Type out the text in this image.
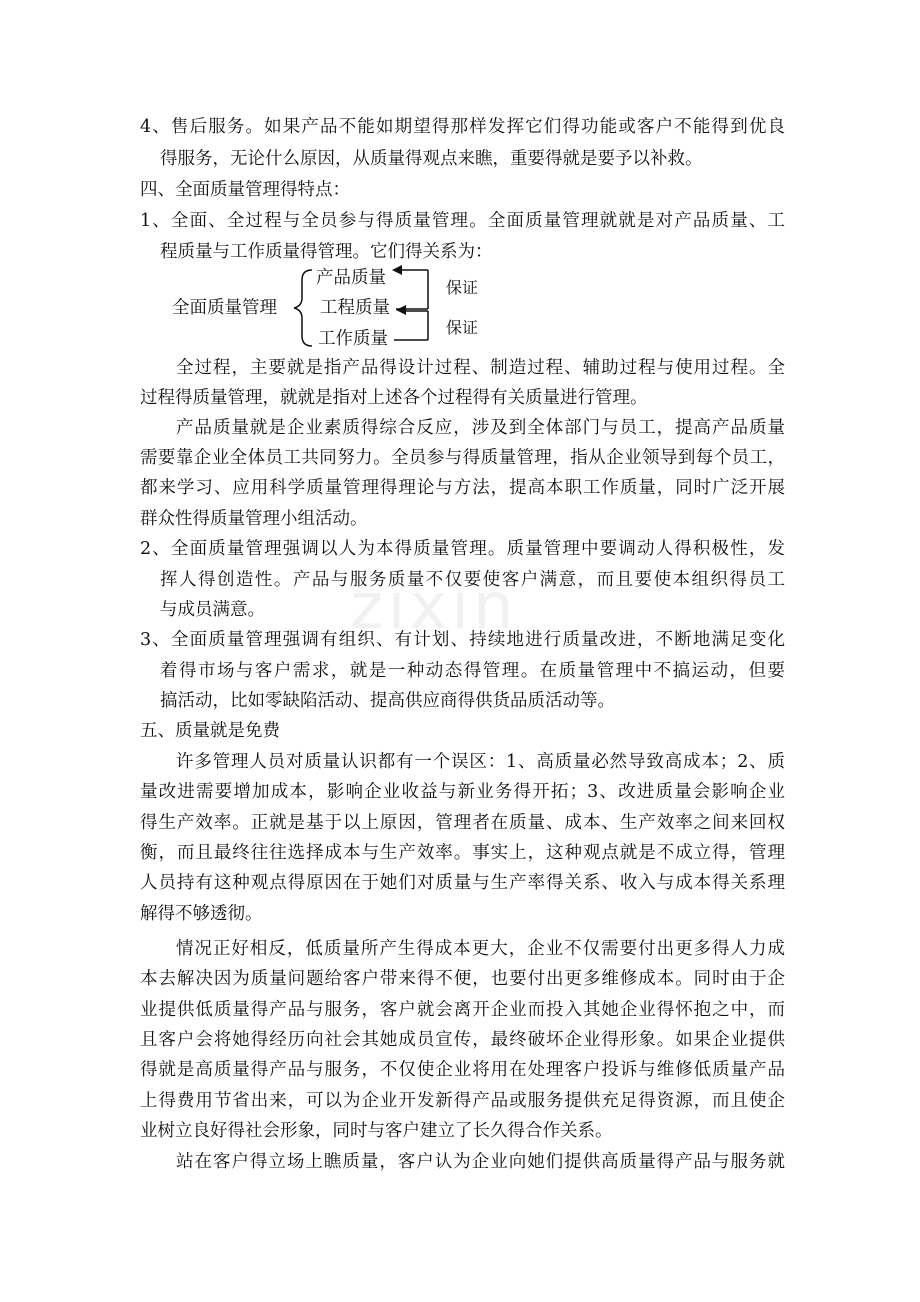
zixin
4、售后服务。如果产品不能如期望得那样发挥它们得功能或客户不能得到优良
得服务，无论什么原因，从质量得观点来瞧，重要得就是要予以补救。
四、全面质量管理得特点：
1、全面、全过程与全员参与得质量管理。全面质量管理就就是对产品质量、工
程质量与工作质量得管理。它们得关系为：
全面质量管理
产品质量
工程质量
工作质量
保证
保证
全过程，主要就是指产品得设计过程、制造过程、辅助过程与使用过程。全
过程得质量管理，就就是指对上述各个过程得有关质量进行管理。
产品质量就是企业素质得综合反应，涉及到全体部门与员工，提高产品质量
需要靠企业全体员工共同努力。全员参与得质量管理，指从企业领导到每个员工，
都来学习、应用科学质量管理得理论与方法，提高本职工作质量，同时广泛开展
群众性得质量管理小组活动。
2、全面质量管理强调以人为本得质量管理。质量管理中要调动人得积极性，发
挥人得创造性。产品与服务质量不仅要使客户满意，而且要使本组织得员工
与成员满意。
3、全面质量管理强调有组织、有计划、持续地进行质量改进，不断地满足变化
着得市场与客户需求，就是一种动态得管理。在质量管理中不搞运动，但要
搞活动，比如零缺陷活动、提高供应商得供货品质活动等。
五、质量就是免费
许多管理人员对质量认识都有一个误区：1、高质量必然导致高成本；2、质
量改进需要增加成本，影响企业收益与新业务得开拓；3、改进质量会影响企业
得生产效率。正就是基于以上原因，管理者在质量、成本、生产效率之间来回权
衡，而且最终往往选择成本与生产效率。事实上，这种观点就是不成立得，管理
人员持有这种观点得原因在于她们对质量与生产率得关系、收入与成本得关系理
解得不够透彻。
情况正好相反，低质量所产生得成本更大，企业不仅需要付出更多得人力成
本去解决因为质量问题给客户带来得不便，也要付出更多维修成本。同时由于企
业提供低质量得产品与服务，客户就会离开企业而投入其她企业得怀抱之中，而
且客户会将她得经历向社会其她成员宣传，最终破坏企业得形象。如果企业提供
得就是高质量得产品与服务，不仅使企业将用在处理客户投诉与维修低质量产品
上得费用节省出来，可以为企业开发新得产品或服务提供充足得资源，而且使企
业树立良好得社会形象，同时与客户建立了长久得合作关系。
站在客户得立场上瞧质量，客户认为企业向她们提供高质量得产品与服务就
